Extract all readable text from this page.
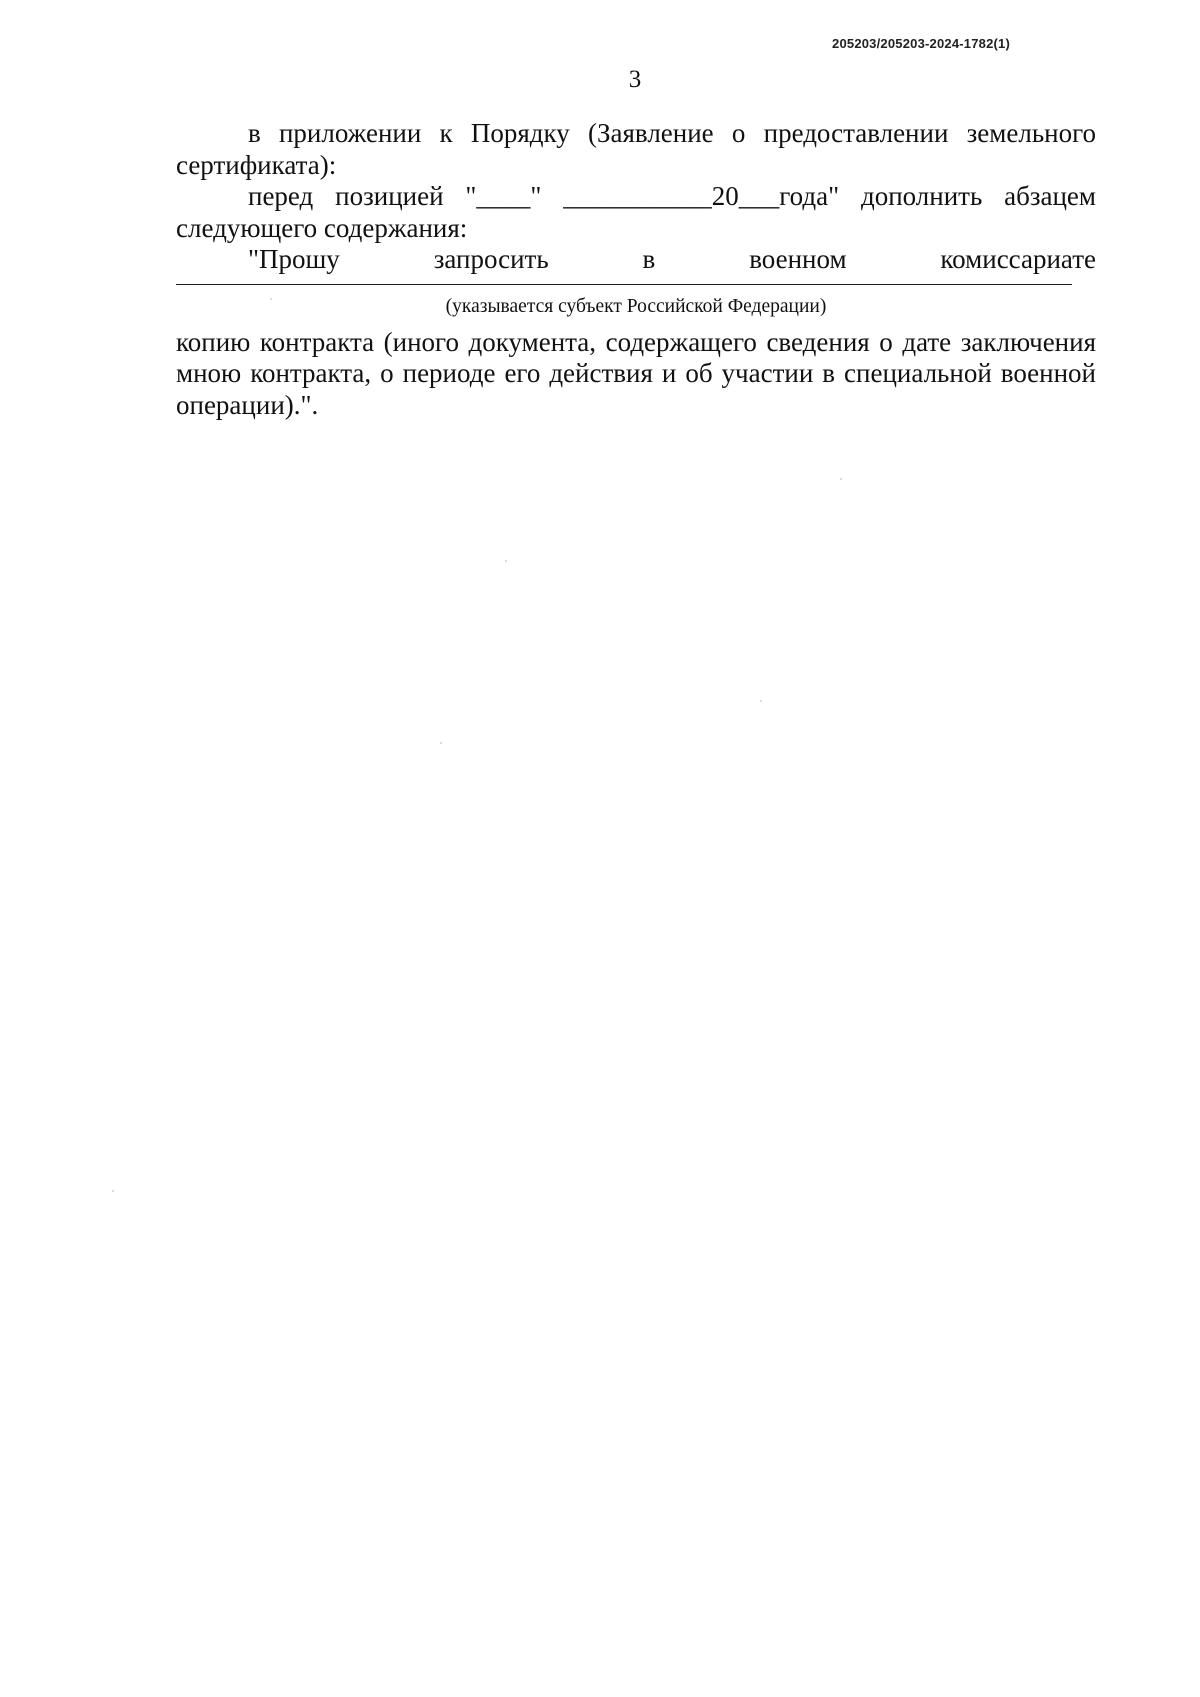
205203/205203-2024-1782(1)
3

в приложении к Порядку (Заявление о предоставлении земельного сертификата):

перед позицией "____" ___________20___года" дополнить абзацем следующего содержания:

"Прошу запросить в военном комиссариате

(указывается субъект Российской Федерации)

копию контракта (иного документа, содержащего сведения о дате заключения мною контракта, о периоде его действия и об участии в специальной военной операции).".
